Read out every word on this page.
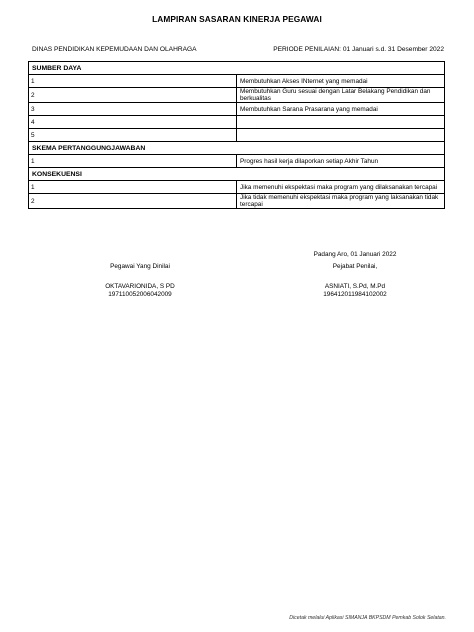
LAMPIRAN SASARAN KINERJA PEGAWAI
DINAS PENDIDIKAN KEPEMUDAAN DAN OLAHRAGA	PERIODE PENILAIAN: 01 Januari s.d. 31 Desember 2022
SUMBER DAYA	
1	Membutuhkan Akses INternet yang memadai
2	Membutuhkan Guru sesuai dengan Latar Belakang Pendidikan dan berkualitas
3	Membutuhkan Sarana Prasarana yang memadai
4	
5	
SKEMA PERTANGGUNGJAWABAN	
1	Progres hasil kerja dilaporkan setiap Akhir Tahun
KONSEKUENSI	
1	Jika memenuhi ekspektasi maka program yang dilaksanakan tercapai
2	Jika tidak memenuhi ekspektasi maka program yang laksanakan tidak tercapai
Padang Aro, 01 Januari 2022
Pegawai Yang Dinilai	Pejabat Penilai,
OKTAVARIONIDA, S PD
197110052006042009
ASNIATI, S.Pd, M.Pd
196412011984102002
Dicetak melalui Aplikasi SIMANJA BKPSDM Pemkab Solok Selatan.
